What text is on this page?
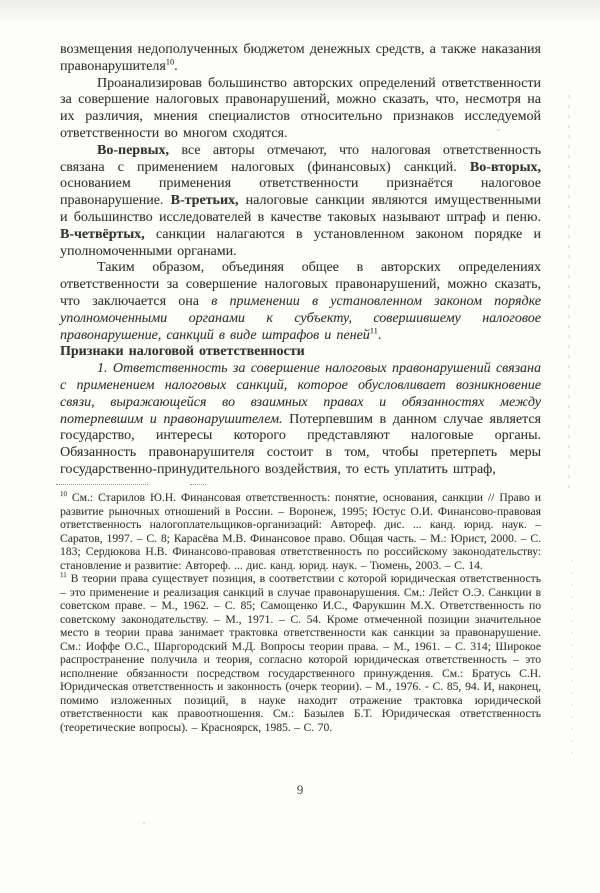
возмещения недополученных бюджетом денежных средств, а также наказания правонарушителя$^{10}$.

Проанализировав большинство авторских определений ответственности за совершение налоговых правонарушений, можно сказать, что, несмотря на их различия, мнения специалистов относительно признаков исследуемой ответственности во многом сходятся.

Во-первых, все авторы отмечают, что налоговая ответственность связана с применением налоговых (финансовых) санкций. Во-вторых, основанием применения ответственности признаётся налоговое правонарушение. В-третьих, налоговые санкции являются имущественными и большинство исследователей в качестве таковых называют штраф и пеню. В-четвёртых, санкции налагаются в установленном законом порядке и уполномоченными органами.

Таким образом, объединяя общее в авторских определениях ответственности за совершение налоговых правонарушений, можно сказать, что заключается она в применении в установленном законом порядке уполномоченными органами к субъекту, совершившему налоговое правонарушение, санкций в виде штрафов и пеней$^{11}$.

Признаки налоговой ответственности

1. Ответственность за совершение налоговых правонарушений связана с применением налоговых санкций, которое обусловливает возникновение связи, выражающейся во взаимных правах и обязанностях между потерпевшим и правонарушителем. Потерпевшим в данном случае является государство, интересы которого представляют налоговые органы. Обязанность правонарушителя состоит в том, чтобы претерпеть меры государственно-принудительного воздействия, то есть уплатить штраф,

$^{10}$ См.: Старилов Ю.Н. Финансовая ответственность: понятие, основания, санкции // Право и развитие рыночных отношений в России. – Воронеж, 1995; Юстус О.И. Финансово-правовая ответственность налогоплательщиков-организаций: Автореф. дис. ... канд. юрид. наук. – Саратов, 1997. – С. 8; Карасёва М.В. Финансовое право. Общая часть. – М.: Юрист, 2000. – С. 183; Сердюкова Н.В. Финансово-правовая ответственность по российскому законодательству: становление и развитие: Автореф. ... дис. канд. юрид. наук. – Тюмень, 2003. – С. 14.

$^{11}$ В теории права существует позиция, в соответствии с которой юридическая ответственность – это применение и реализация санкций в случае правонарушения. См.: Лейст О.Э. Санкции в советском праве. – М., 1962. – С. 85; Самощенко И.С., Фарукшин М.Х. Ответственность по советскому законодательству. – М., 1971. – С. 54. Кроме отмеченной позиции значительное место в теории права занимает трактовка ответственности как санкции за правонарушение. См.: Иоффе О.С., Шаргородский М.Д. Вопросы теории права. – М., 1961. – С. 314; Широкое распространение получила и теория, согласно которой юридическая ответственность – это исполнение обязанности посредством государственного принуждения. См.: Братусь С.Н. Юридическая ответственность и законность (очерк теории). – М., 1976. - С. 85, 94. И, наконец, помимо изложенных позиций, в науке находит отражение трактовка юридической ответственности как правоотношения. См.: Базылев Б.Т. Юридическая ответственность (теоретические вопросы). – Красноярск, 1985. – С. 70.

9
